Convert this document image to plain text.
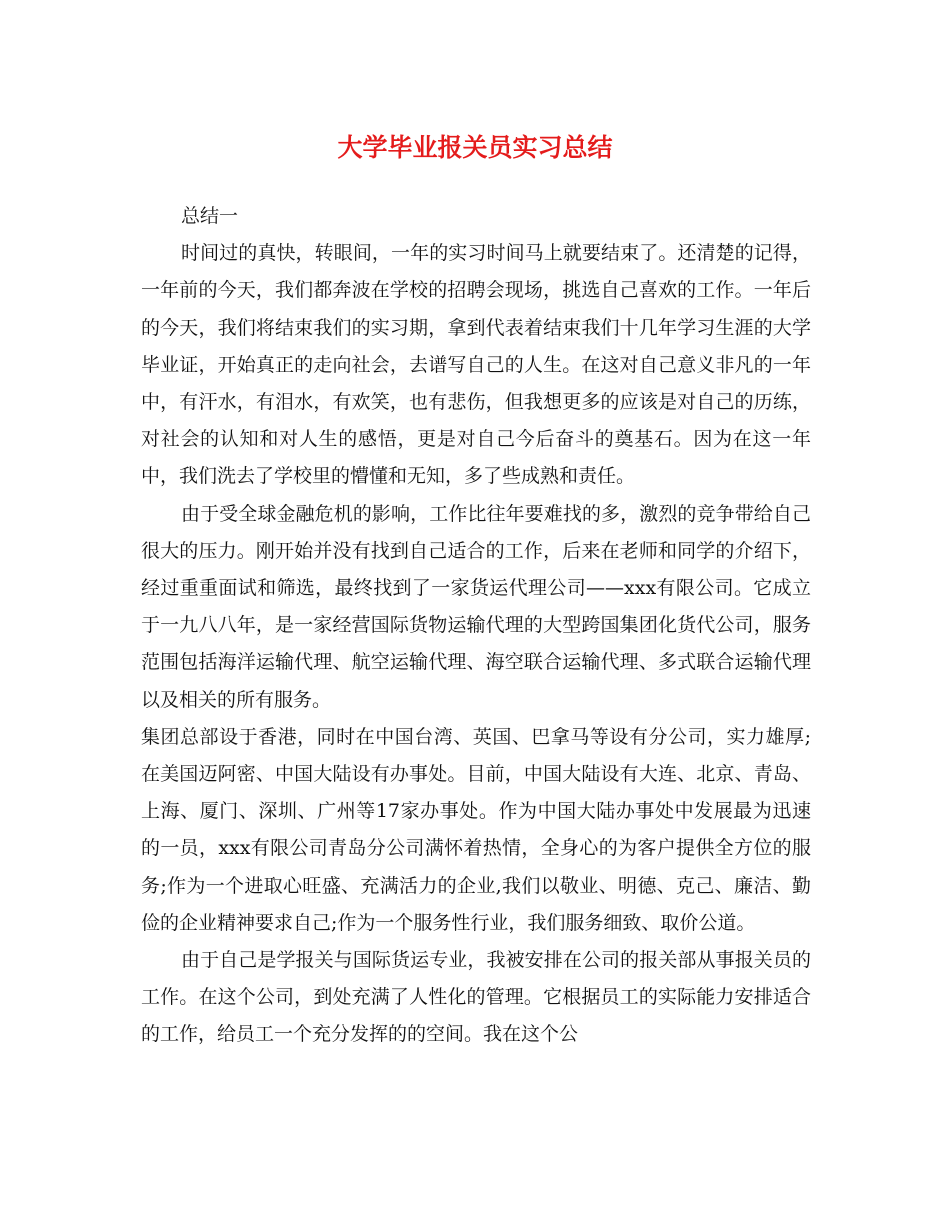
大学毕业报关员实习总结

总结一

时间过的真快，转眼间，一年的实习时间马上就要结束了。还清楚的记得，一年前的今天，我们都奔波在学校的招聘会现场，挑选自己喜欢的工作。一年后的今天，我们将结束我们的实习期，拿到代表着结束我们十几年学习生涯的大学毕业证，开始真正的走向社会，去谱写自己的人生。在这对自己意义非凡的一年中，有汗水，有泪水，有欢笑，也有悲伤，但我想更多的应该是对自己的历练，对社会的认知和对人生的感悟，更是对自己今后奋斗的奠基石。因为在这一年中，我们洗去了学校里的懵懂和无知，多了些成熟和责任。

由于受全球金融危机的影响，工作比往年要难找的多，激烈的竞争带给自己很大的压力。刚开始并没有找到自己适合的工作，后来在老师和同学的介绍下，经过重重面试和筛选，最终找到了一家货运代理公司——xxx有限公司。它成立于一九八八年，是一家经营国际货物运输代理的大型跨国集团化货代公司，服务范围包括海洋运输代理、航空运输代理、海空联合运输代理、多式联合运输代理以及相关的所有服务。

集团总部设于香港，同时在中国台湾、英国、巴拿马等设有分公司，实力雄厚;在美国迈阿密、中国大陆设有办事处。目前，中国大陆设有大连、北京、青岛、上海、厦门、深圳、广州等17家办事处。作为中国大陆办事处中发展最为迅速的一员，xxx有限公司青岛分公司满怀着热情，全身心的为客户提供全方位的服务;作为一个进取心旺盛、充满活力的企业,我们以敬业、明德、克己、廉洁、勤俭的企业精神要求自己;作为一个服务性行业，我们服务细致、取价公道。

由于自己是学报关与国际货运专业，我被安排在公司的报关部从事报关员的工作。在这个公司，到处充满了人性化的管理。它根据员工的实际能力安排适合的工作，给员工一个充分发挥的的空间。我在这个公
